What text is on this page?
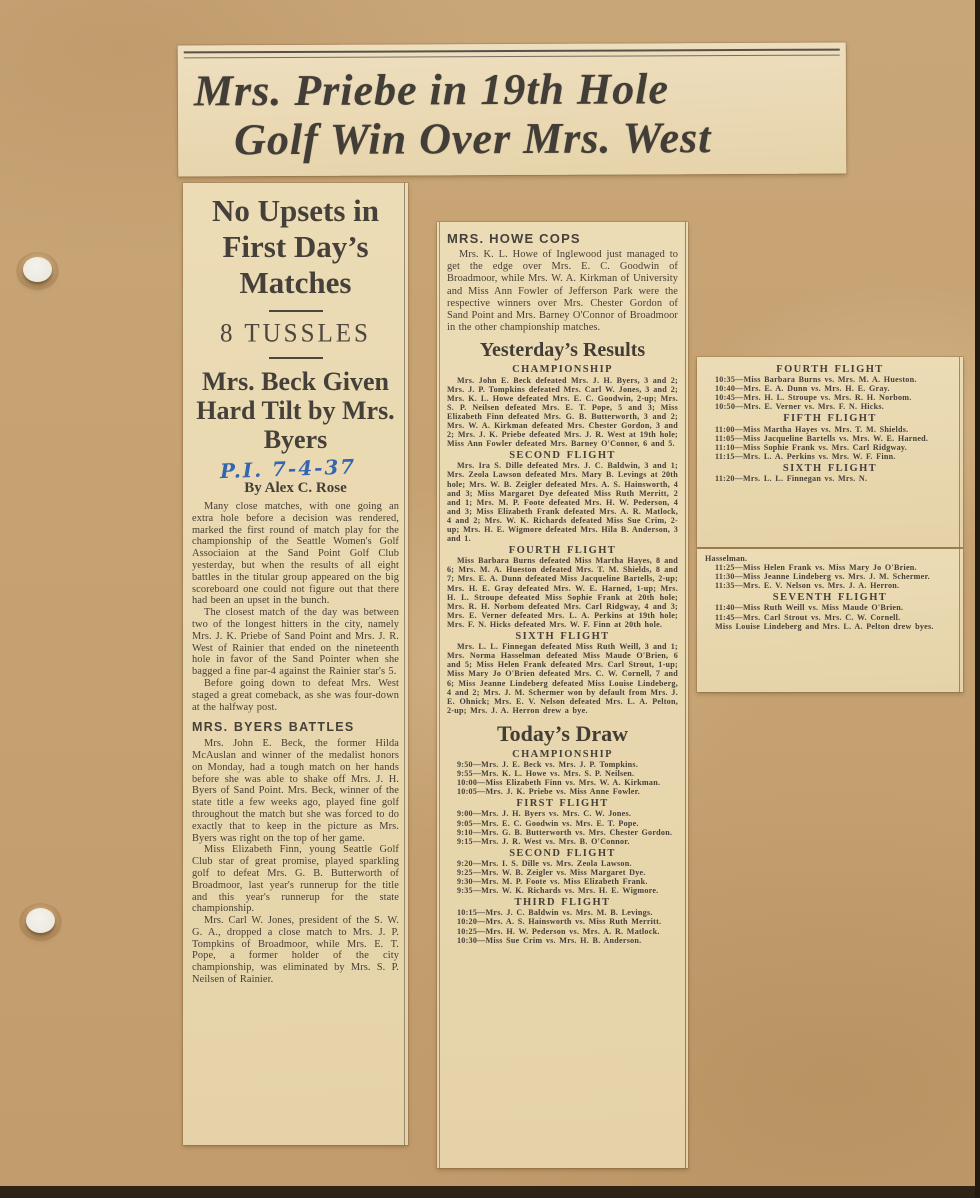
Mrs. Priebe in 19th Hole
Golf Win Over Mrs. West
No Upsets in First Day’s Matches
8 TUSSLES
Mrs. Beck Given Hard Tilt by Mrs. Byers
P.I. 7-4-37
By Alex C. Rose

Many close matches, with one going an extra hole before a decision was rendered, marked the first round of match play for the championship of the Seattle Women's Golf Associaion at the Sand Point Golf Club yesterday, but when the results of all eight battles in the titular group appeared on the big scoreboard one could not figure out that there had been an upset in the bunch.

The closest match of the day was between two of the longest hitters in the city, namely Mrs. J. K. Priebe of Sand Point and Mrs. J. R. West of Rainier that ended on the nineteenth hole in favor of the Sand Pointer when she bagged a fine par-4 against the Rainier star's 5.

Before going down to defeat Mrs. West staged a great comeback, as she was four-down at the halfway post.

MRS. BYERS BATTLES

Mrs. John E. Beck, the former Hilda McAuslan and winner of the medalist honors on Monday, had a tough match on her hands before she was able to shake off Mrs. J. H. Byers of Sand Point. Mrs. Beck, winner of the state title a few weeks ago, played fine golf throughout the match but she was forced to do exactly that to keep in the picture as Mrs. Byers was right on the top of her game.

Miss Elizabeth Finn, young Seattle Golf Club star of great promise, played sparkling golf to defeat Mrs. G. B. Butterworth of Broadmoor, last year's runnerup for the title and this year's runnerup for the state championship.

Mrs. Carl W. Jones, president of the S. W. G. A., dropped a close match to Mrs. J. P. Tompkins of Broadmoor, while Mrs. E. T. Pope, a former holder of the city championship, was eliminated by Mrs. S. P. Neilsen of Rainier.

MRS. HOWE COPS
Mrs. K. L. Howe of Inglewood just managed to get the edge over Mrs. E. C. Goodwin of Broadmoor, while Mrs. W. A. Kirkman of University and Miss Ann Fowler of Jefferson Park were the respective winners over Mrs. Chester Gordon of Sand Point and Mrs. Barney O'Connor of Broadmoor in the other championship matches.
Yesterday’s Results

CHAMPIONSHIP

Mrs. John E. Beck defeated Mrs. J. H. Byers, 3 and 2; Mrs. J. P. Tompkins defeated Mrs. Carl W. Jones, 3 and 2; Mrs. K. L. Howe defeated Mrs. E. C. Goodwin, 2-up; Mrs. S. P. Neilsen defeated Mrs. E. T. Pope, 5 and 3; Miss Elizabeth Finn defeated Mrs. G. B. Butterworth, 3 and 2; Mrs. W. A. Kirkman defeated Mrs. Chester Gordon, 3 and 2; Mrs. J. K. Priebe defeated Mrs. J. R. West at 19th hole; Miss Ann Fowler defeated Mrs. Barney O'Connor, 6 and 5.

SECOND FLIGHT

Mrs. Ira S. Dille defeated Mrs. J. C. Baldwin, 3 and 1; Mrs. Zeola Lawson defeated Mrs. Mary B. Levings at 20th hole; Mrs. W. B. Zeigler defeated Mrs. A. S. Hainsworth, 4 and 3; Miss Margaret Dye defeated Miss Ruth Merritt, 2 and 1; Mrs. M. P. Foote defeated Mrs. H. W. Pederson, 4 and 3; Miss Elizabeth Frank defeated Mrs. A. R. Matlock, 4 and 2; Mrs. W. K. Richards defeated Miss Sue Crim, 2-up; Mrs. H. E. Wigmore defeated Mrs. Hila B. Anderson, 3 and 1.

FOURTH FLIGHT

Miss Barbara Burns defeated Miss Martha Hayes, 8 and 6; Mrs. M. A. Hueston defeated Mrs. T. M. Shields, 8 and 7; Mrs. E. A. Dunn defeated Miss Jacqueline Bartells, 2-up; Mrs. H. E. Gray defeated Mrs. W. E. Harned, 1-up; Mrs. H. L. Stroupe defeated Miss Sophie Frank at 20th hole; Mrs. R. H. Norbom defeated Mrs. Carl Ridgway, 4 and 3; Mrs. E. Verner defeated Mrs. L. A. Perkins at 19th hole; Mrs. F. N. Hicks defeated Mrs. W. F. Finn at 20th hole.

SIXTH FLIGHT

Mrs. L. L. Finnegan defeated Miss Ruth Weill, 3 and 1; Mrs. Norma Hasselman defeated Miss Maude O'Brien, 6 and 5; Miss Helen Frank defeated Mrs. Carl Strout, 1-up; Miss Mary Jo O'Brien defeated Mrs. C. W. Cornell, 7 and 6; Miss Jeanne Lindeberg defeated Miss Louise Lindeberg, 4 and 2; Mrs. J. M. Schermer won by default from Mrs. J. E. Ohnick; Mrs. E. V. Nelson defeated Mrs. L. A. Pelton, 2-up; Mrs. J. A. Herron drew a bye.

Today’s Draw

CHAMPIONSHIP

9:50—Mrs. J. E. Beck vs. Mrs. J. P. Tompkins.

9:55—Mrs. K. L. Howe vs. Mrs. S. P. Neilsen.

10:00—Miss Elizabeth Finn vs. Mrs. W. A. Kirkman.

10:05—Mrs. J. K. Priebe vs. Miss Anne Fowler.

FIRST FLIGHT

9:00—Mrs. J. H. Byers vs. Mrs. C. W. Jones.

9:05—Mrs. E. C. Goodwin vs. Mrs. E. T. Pope.

9:10—Mrs. G. B. Butterworth vs. Mrs. Chester Gordon.

9:15—Mrs. J. R. West vs. Mrs. B. O'Connor.

SECOND FLIGHT

9:20—Mrs. I. S. Dille vs. Mrs. Zeola Lawson.

9:25—Mrs. W. B. Zeigler vs. Miss Margaret Dye.

9:30—Mrs. M. P. Foote vs. Miss Elizabeth Frank.

9:35—Mrs. W. K. Richards vs. Mrs. H. E. Wigmore.

THIRD FLIGHT

10:15—Mrs. J. C. Baldwin vs. Mrs. M. B. Levings.

10:20—Mrs. A. S. Hainsworth vs. Miss Ruth Merritt.

10:25—Mrs. H. W. Pederson vs. Mrs. A. R. Matlock.

10:30—Miss Sue Crim vs. Mrs. H. B. Anderson.

FOURTH FLIGHT

10:35—Miss Barbara Burns vs. Mrs. M. A. Hueston.

10:40—Mrs. E. A. Dunn vs. Mrs. H. E. Gray.

10:45—Mrs. H. L. Stroupe vs. Mrs. R. H. Norbom.

10:50—Mrs. E. Verner vs. Mrs. F. N. Hicks.

FIFTH FLIGHT

11:00—Miss Martha Hayes vs. Mrs. T. M. Shields.

11:05—Miss Jacqueline Bartells vs. Mrs. W. E. Harned.

11:10—Miss Sophie Frank vs. Mrs. Carl Ridgway.

11:15—Mrs. L. A. Perkins vs. Mrs. W. F. Finn.

SIXTH FLIGHT

11:20—Mrs. L. L. Finnegan vs. Mrs. N.

Hasselman.

11:25—Miss Helen Frank vs. Miss Mary Jo O'Brien.

11:30—Miss Jeanne Lindeberg vs. Mrs. J. M. Schermer.

11:35—Mrs. E. V. Nelson vs. Mrs. J. A. Herron.

SEVENTH FLIGHT

11:40—Miss Ruth Weill vs. Miss Maude O'Brien.

11:45—Mrs. Carl Strout vs. Mrs. C. W. Cornell.

Miss Louise Lindeberg and Mrs. L. A. Pelton drew byes.
